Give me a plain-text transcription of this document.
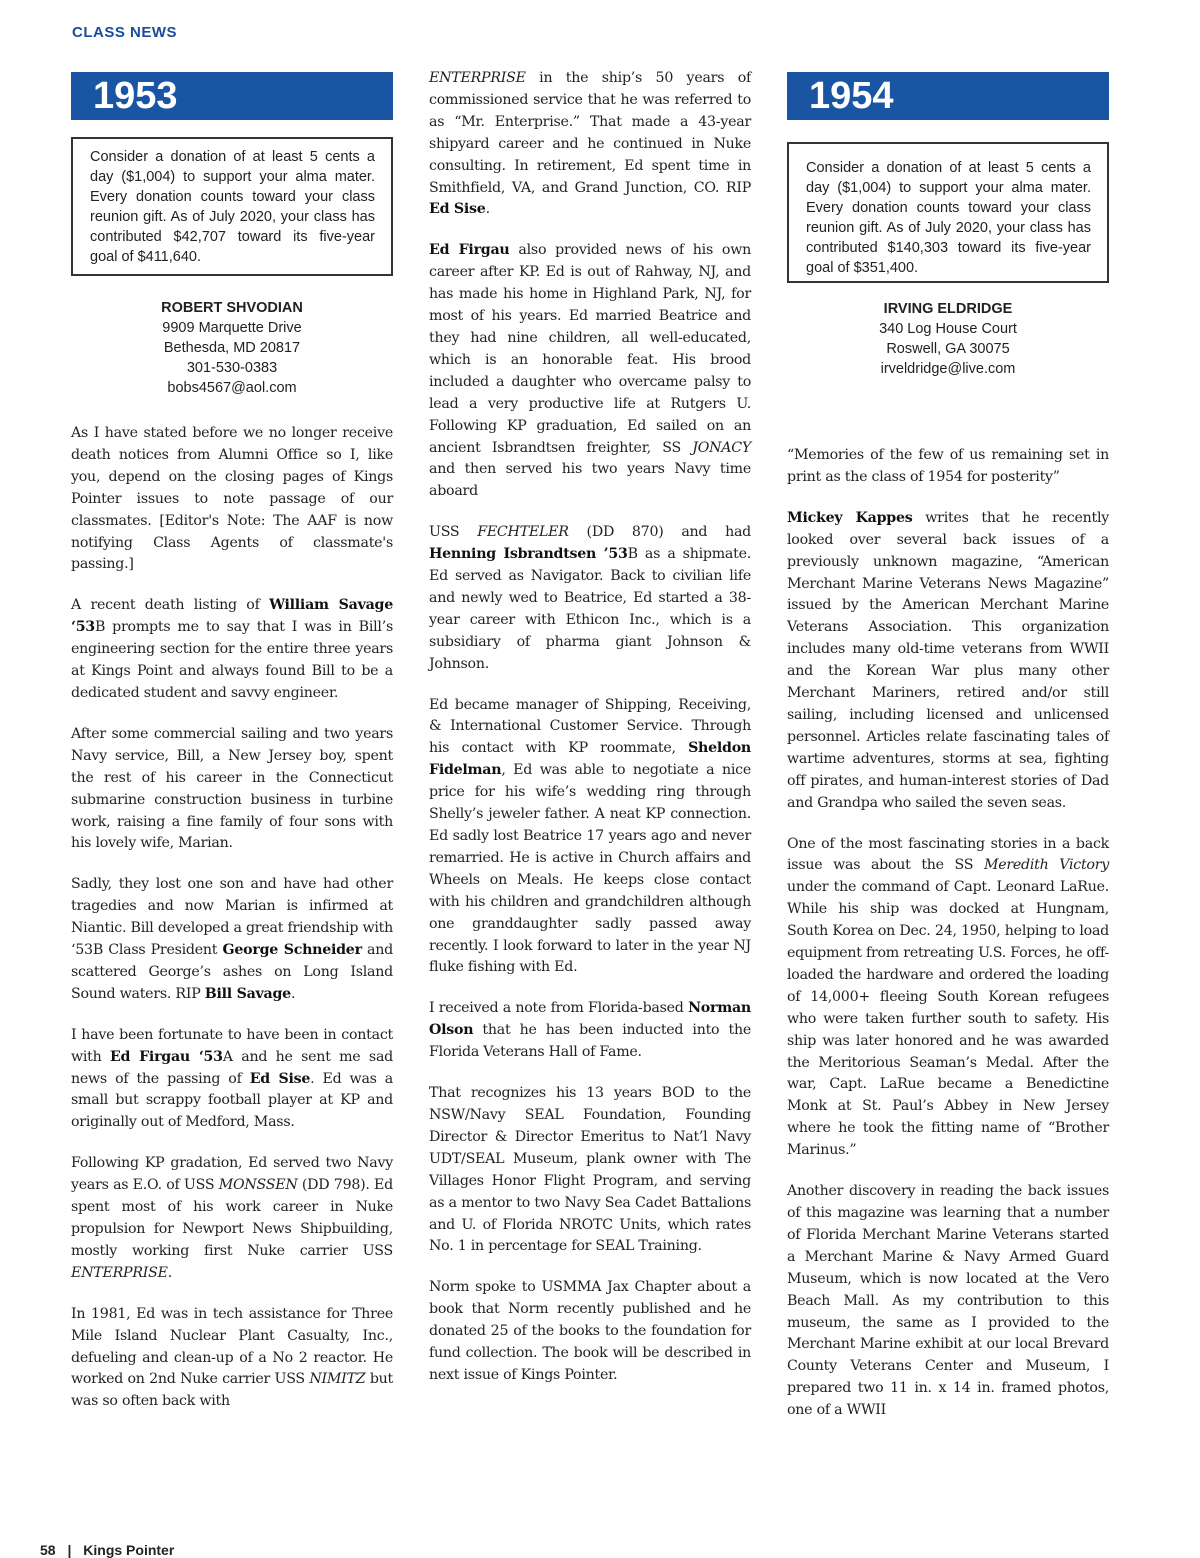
CLASS NEWS
1953
Consider a donation of at least 5 cents a day ($1,004) to support your alma mater. Every donation counts toward your class reunion gift. As of July 2020, your class has contributed $42,707 toward its five-year goal of $411,640.
ROBERT SHVODIAN
9909 Marquette Drive
Bethesda, MD 20817
301-530-0383
bobs4567@aol.com

As I have stated before we no longer receive death notices from Alumni Office so I, like you, depend on the closing pages of Kings Pointer issues to note passage of our classmates. [Editor's Note: The AAF is now notifying Class Agents of classmate's passing.]

A recent death listing of William Savage ‘53B prompts me to say that I was in Bill’s engineering section for the entire three years at Kings Point and always found Bill to be a dedicated student and savvy engineer.

After some commercial sailing and two years Navy service, Bill, a New Jersey boy, spent the rest of his career in the Connecticut submarine construction business in turbine work, raising a fine family of four sons with his lovely wife, Marian.

Sadly, they lost one son and have had other tragedies and now Marian is infirmed at Niantic. Bill developed a great friendship with ‘53B Class President George Schneider and scattered George’s ashes on Long Island Sound waters. RIP Bill Savage.

I have been fortunate to have been in contact with Ed Firgau ‘53A and he sent me sad news of the passing of Ed Sise. Ed was a small but scrappy football player at KP and originally out of Medford, Mass.

Following KP gradation, Ed served two Navy years as E.O. of USS MONSSEN (DD 798). Ed spent most of his work career in Nuke propulsion for Newport News Shipbuilding, mostly working first Nuke carrier USS ENTERPRISE.

In 1981, Ed was in tech assistance for Three Mile Island Nuclear Plant Casualty, Inc., defueling and clean-up of a No 2 reactor. He worked on 2nd Nuke carrier USS NIMITZ but was so often back with

ENTERPRISE in the ship’s 50 years of commissioned service that he was referred to as “Mr. Enterprise.” That made a 43-year shipyard career and he continued in Nuke consulting. In retirement, Ed spent time in Smithfield, VA, and Grand Junction, CO. RIP Ed Sise.

Ed Firgau also provided news of his own career after KP. Ed is out of Rahway, NJ, and has made his home in Highland Park, NJ, for most of his years. Ed married Beatrice and they had nine children, all well-educated, which is an honorable feat. His brood included a daughter who overcame palsy to lead a very productive life at Rutgers U. Following KP graduation, Ed sailed on an ancient Isbrandtsen freighter, SS JONACY and then served his two years Navy time aboard

USS FECHTELER (DD 870) and had Henning Isbrandtsen ’53B as a shipmate. Ed served as Navigator. Back to civilian life and newly wed to Beatrice, Ed started a 38-year career with Ethicon Inc., which is a subsidiary of pharma giant Johnson & Johnson.

Ed became manager of Shipping, Receiving, & International Customer Service. Through his contact with KP roommate, Sheldon Fidelman, Ed was able to negotiate a nice price for his wife’s wedding ring through Shelly’s jeweler father. A neat KP connection. Ed sadly lost Beatrice 17 years ago and never remarried. He is active in Church affairs and Wheels on Meals. He keeps close contact with his children and grandchildren although one granddaughter sadly passed away recently. I look forward to later in the year NJ fluke fishing with Ed.

I received a note from Florida-based Norman Olson that he has been inducted into the Florida Veterans Hall of Fame.

That recognizes his 13 years BOD to the NSW/Navy SEAL Foundation, Founding Director & Director Emeritus to Nat’l Navy UDT/SEAL Museum, plank owner with The Villages Honor Flight Program, and serving as a mentor to two Navy Sea Cadet Battalions and U. of Florida NROTC Units, which rates No. 1 in percentage for SEAL Training.

Norm spoke to USMMA Jax Chapter about a book that Norm recently published and he donated 25 of the books to the foundation for fund collection. The book will be described in next issue of Kings Pointer.

1954
Consider a donation of at least 5 cents a day ($1,004) to support your alma mater. Every donation counts toward your class reunion gift. As of July 2020, your class has contributed $140,303 toward its five-year goal of $351,400.
IRVING ELDRIDGE
340 Log House Court
Roswell, GA 30075
irveldridge@live.com

“Memories of the few of us remaining set in print as the class of 1954 for posterity”

Mickey Kappes writes that he recently looked over several back issues of a previously unknown magazine, “American Merchant Marine Veterans News Magazine” issued by the American Merchant Marine Veterans Association. This organization includes many old-time veterans from WWII and the Korean War plus many other Merchant Mariners, retired and/or still sailing, including licensed and unlicensed personnel. Articles relate fascinating tales of wartime adventures, storms at sea, fighting off pirates, and human-interest stories of Dad and Grandpa who sailed the seven seas.

One of the most fascinating stories in a back issue was about the SS Meredith Victory under the command of Capt. Leonard LaRue. While his ship was docked at Hungnam, South Korea on Dec. 24, 1950, helping to load equipment from retreating U.S. Forces, he off-loaded the hardware and ordered the loading of 14,000+ fleeing South Korean refugees who were taken further south to safety. His ship was later honored and he was awarded the Meritorious Seaman’s Medal. After the war, Capt. LaRue became a Benedictine Monk at St. Paul’s Abbey in New Jersey where he took the fitting name of “Brother Marinus.”

Another discovery in reading the back issues of this magazine was learning that a number of Florida Merchant Marine Veterans started a Merchant Marine & Navy Armed Guard Museum, which is now located at the Vero Beach Mall. As my contribution to this museum, the same as I provided to the Merchant Marine exhibit at our local Brevard County Veterans Center and Museum, I prepared two 11 in. x 14 in. framed photos, one of a WWII

58 | Kings Pointer
